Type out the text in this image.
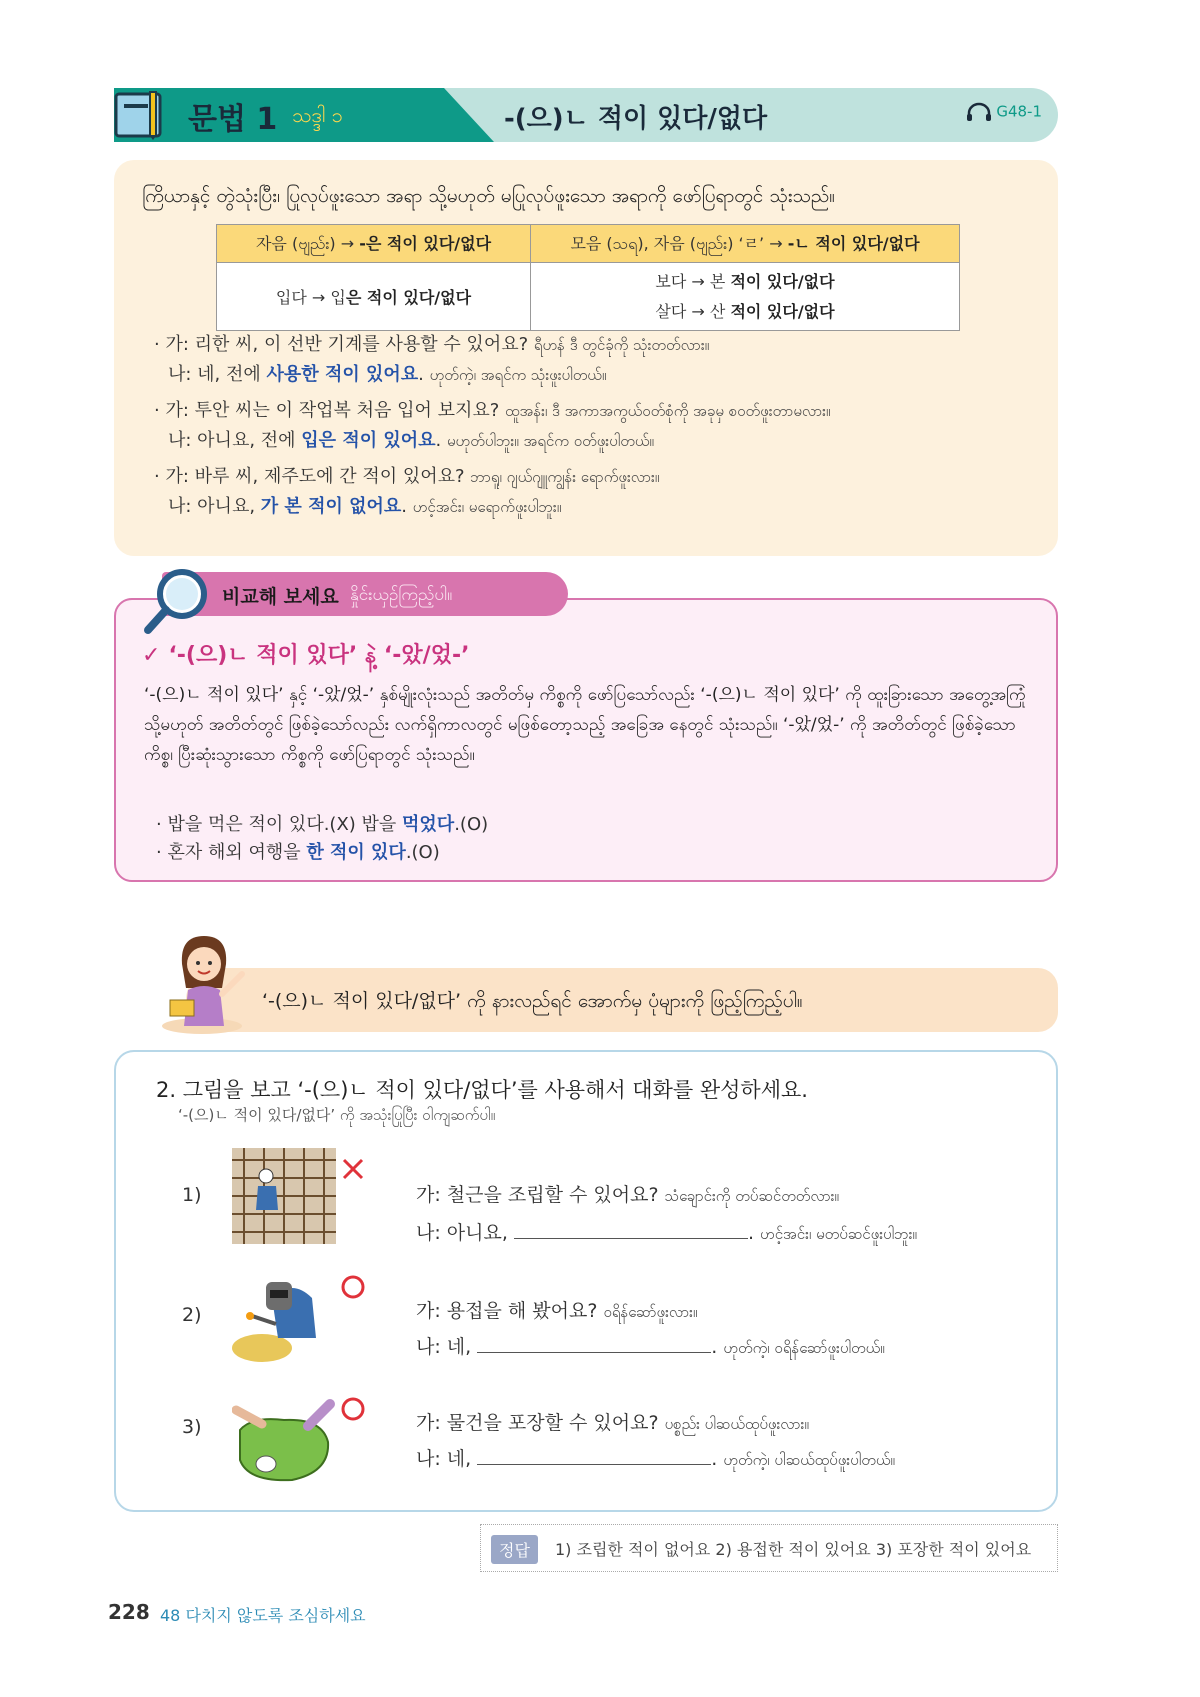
문법 1 သဒ္ဒါ ၁	-(으)ㄴ 적이 있다/없다	G48-1
ကြိယာနှင့် တွဲသုံးပြီး၊ ပြုလုပ်ဖူးသော အရာ သို့မဟုတ် မပြုလုပ်ဖူးသော အရာကို ဖော်ပြရာတွင် သုံးသည်။
자음 (ဗျည်း) → -은 적이 있다/없다	모음 (သရ), 자음 (ဗျည်း) ‘ㄹ’ → -ㄴ 적이 있다/없다
입다 → 입은 적이 있다/없다	보다 → 본 적이 있다/없다
살다 → 산 적이 있다/없다
· 가: 리한 씨, 이 선반 기계를 사용할 수 있어요? ရီဟန် ဒီ တွင်ခုံကို သုံးတတ်လား။
나: 네, 전에 사용한 적이 있어요. ဟုတ်ကဲ့၊ အရင်က သုံးဖူးပါတယ်။
· 가: 투안 씨는 이 작업복 처음 입어 보지요? ထူအန်း၊ ဒီ အကာအကွယ်ဝတ်စုံကို အခုမှ စဝတ်ဖူးတာမလား။
나: 아니요, 전에 입은 적이 있어요. မဟုတ်ပါဘူး။ အရင်က ဝတ်ဖူးပါတယ်။
· 가: 바루 씨, 제주도에 간 적이 있어요? ဘာရူ၊ ဂျယ်ဂျူကျွန်း ရောက်ဖူးလား။
나: 아니요, 가 본 적이 없어요. ဟင့်အင်း၊ မရောက်ဖူးပါဘူး။
✓ ‘-(으)ㄴ 적이 있다’ နဲ့ ‘-았/었-’
‘-(으)ㄴ 적이 있다’ နှင့် ‘-았/었-’ နှစ်မျိုးလုံးသည် အတိတ်မှ ကိစ္စကို ဖော်ပြသော်လည်း ‘-(으)ㄴ 적이 있다’ ကို ထူးခြားသော အတွေ့အကြုံ သို့မဟုတ် အတိတ်တွင် ဖြစ်ခဲ့သော်လည်း လက်ရှိကာလတွင် မဖြစ်တော့သည့် အခြေအ နေတွင် သုံးသည်။ ‘-았/었-’ ကို အတိတ်တွင် ဖြစ်ခဲ့သော ကိစ္စ၊ ပြီးဆုံးသွားသော ကိစ္စကို ဖော်ပြရာတွင် သုံးသည်။
· 밥을 먹은 적이 있다.(X) 밥을 먹었다.(O)
· 혼자 해외 여행을 한 적이 있다.(O)
비교해 보세요 နှိုင်းယှဉ်ကြည့်ပါ။
‘-(으)ㄴ 적이 있다/없다’ ကို နားလည်ရင် အောက်မှ ပုံများကို ဖြည့်ကြည့်ပါ။
2. 그림을 보고 ‘-(으)ㄴ 적이 있다/없다’를 사용해서 대화를 완성하세요.
‘-(으)ㄴ 적이 있다/없다’ ကို အသုံးပြုပြီး ဝါကျဆက်ပါ။
1)	가: 철근을 조립할 수 있어요? သံချောင်းကို တပ်ဆင်တတ်လား။
나: 아니요,	. ဟင့်အင်း၊ မတပ်ဆင်ဖူးပါဘူး။
2)	가: 용접을 해 봤어요? ဝရိန်ဆော်ဖူးလား။
나: 네,	. ဟုတ်ကဲ့၊ ဝရိန်ဆော်ဖူးပါတယ်။
3)	가: 물건을 포장할 수 있어요? ပစ္စည်း ပါဆယ်ထုပ်ဖူးလား။
나: 네,	. ဟုတ်ကဲ့၊ ပါဆယ်ထုပ်ဖူးပါတယ်။
정답	1) 조립한 적이 없어요 2) 용접한 적이 있어요 3) 포장한 적이 있어요
228 48 다치지 않도록 조심하세요
